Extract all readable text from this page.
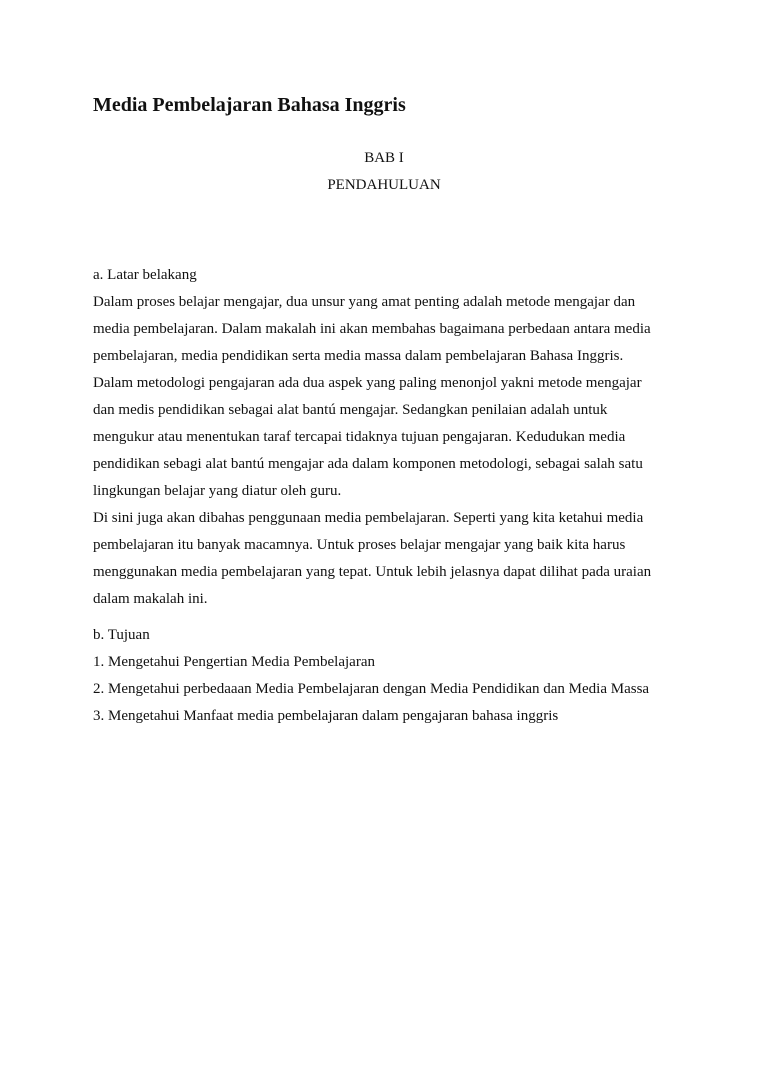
Media Pembelajaran Bahasa Inggris
BAB I
PENDAHULUAN
a. Latar belakang
Dalam proses belajar mengajar, dua unsur yang amat penting adalah metode mengajar dan
media pembelajaran. Dalam makalah ini akan membahas bagaimana perbedaan antara media
pembelajaran, media pendidikan serta media massa dalam pembelajaran Bahasa Inggris.
Dalam metodologi pengajaran ada dua aspek yang paling menonjol yakni metode mengajar
dan medis pendidikan sebagai alat bantú mengajar. Sedangkan penilaian adalah untuk
mengukur atau menentukan taraf tercapai tidaknya tujuan pengajaran. Kedudukan media
pendidikan sebagi alat bantú mengajar ada dalam komponen metodologi, sebagai salah satu
lingkungan belajar yang diatur oleh guru.
Di sini juga akan dibahas penggunaan media pembelajaran. Seperti yang kita ketahui media
pembelajaran itu banyak macamnya. Untuk proses belajar mengajar yang baik kita harus
menggunakan media pembelajaran yang tepat. Untuk lebih jelasnya dapat dilihat pada uraian
dalam makalah ini.
b. Tujuan
1. Mengetahui Pengertian Media Pembelajaran
2. Mengetahui perbedaaan Media Pembelajaran dengan Media Pendidikan dan Media Massa
3. Mengetahui Manfaat media pembelajaran dalam pengajaran bahasa inggris
